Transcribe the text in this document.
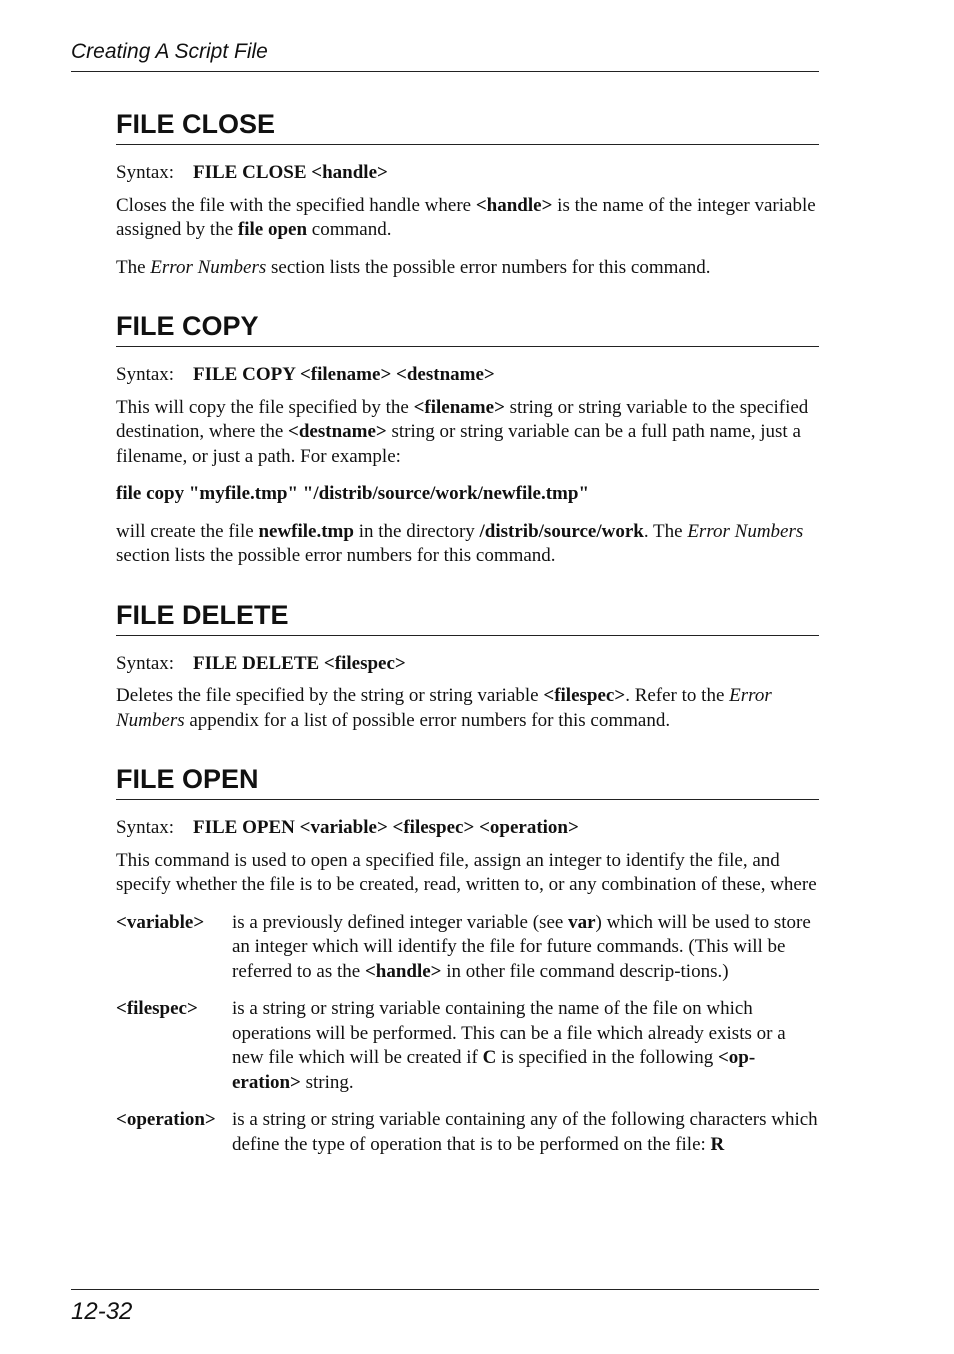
Creating A Script File
FILE CLOSE
Syntax: FILE CLOSE <handle>

Closes the file with the specified handle where <handle> is the name of the integer variable assigned by the file open command.

The Error Numbers section lists the possible error numbers for this command.

FILE COPY
Syntax: FILE COPY <filename> <destname>

This will copy the file specified by the <filename> string or string variable to the specified destination, where the <destname> string or string variable can be a full path name, just a filename, or just a path. For example:

file copy "myfile.tmp" "/distrib/source/work/newfile.tmp"

will create the file newfile.tmp in the directory /distrib/source/work. The Error Numbers section lists the possible error numbers for this command.

FILE DELETE
Syntax: FILE DELETE <filespec>

Deletes the file specified by the string or string variable <filespec>. Refer to the Error Numbers appendix for a list of possible error numbers for this command.

FILE OPEN
Syntax: FILE OPEN <variable> <filespec> <operation>

This command is used to open a specified file, assign an integer to identify the file, and specify whether the file is to be created, read, written to, or any combination of these, where

<variable>	is a previously defined integer variable (see var) which will be used to store an integer which will identify the file for future commands. (This will be referred to as the <handle> in other file command descrip-tions.)
<filespec>	is a string or string variable containing the name of the file on which operations will be performed. This can be a file which already exists or a new file which will be created if C is specified in the following <op-eration> string.
<operation> is a string or string variable containing any of the following characters which define the type of operation that is to be performed on the file: R
12-32
